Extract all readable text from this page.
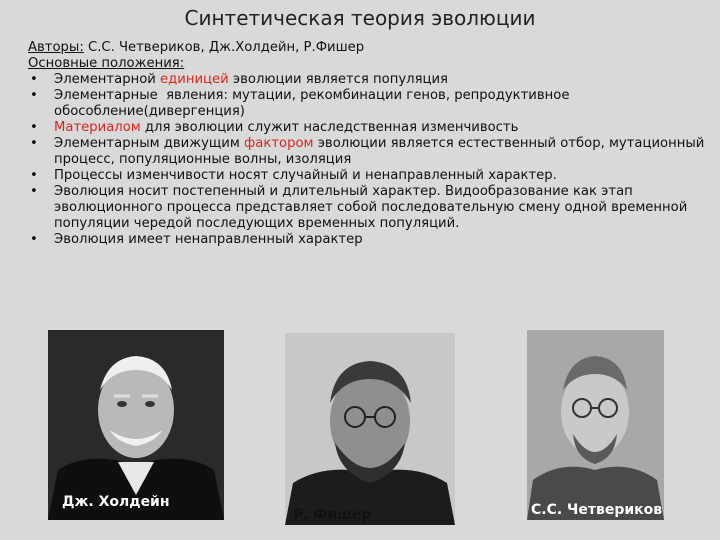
Синтетическая теория эволюции

Авторы: С.С. Четвериков, Дж.Холдейн, Р.Фишер

Основные положения:

• Элементарной единицей эволюции является популяция
• Элементарные  явления: мутации, рекомбинации генов, репродуктивное обособление(дивергенция)
• Материалом для эволюции служит наследственная изменчивость
• Элементарным движущим фактором эволюции является естественный отбор, мутационный процесс, популяционные волны, изоляция
• Процессы изменчивости носят случайный и ненаправленный характер.
• Эволюция носит постепенный и длительный характер. Видообразование как этап эволюционного процесса представляет собой последовательную смену одной временной популяции чередой последующих временных популяций.
• Эволюция имеет ненаправленный характер
Дж. Холдейн
Р. Фишер	С.С. Четвериков
